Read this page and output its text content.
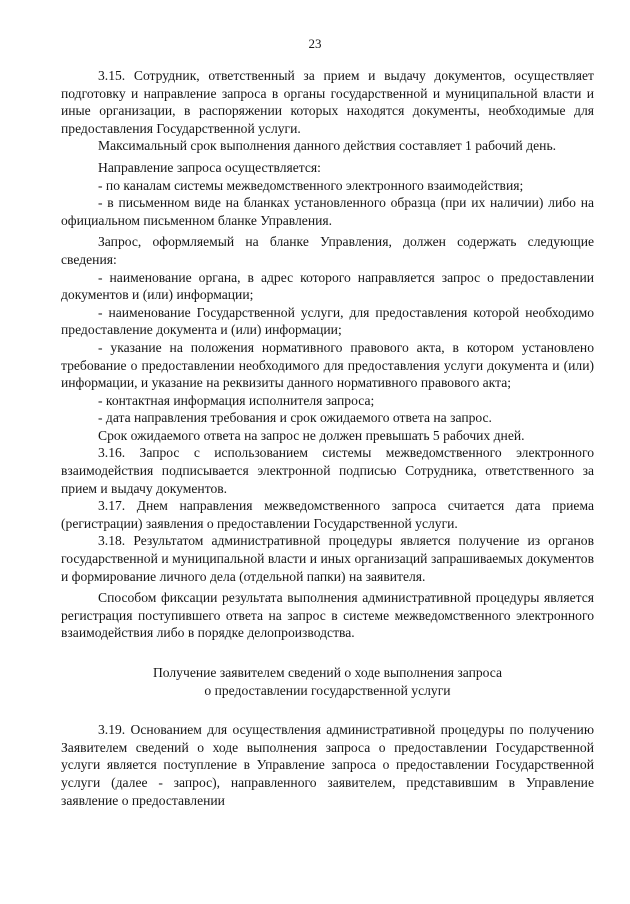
23

3.15. Сотрудник, ответственный за прием и выдачу документов, осуществляет подготовку и направление запроса в органы государственной и муниципальной власти и иные организации, в распоряжении которых находятся документы, необходимые для предоставления Государственной услуги.

Максимальный срок выполнения данного действия составляет 1 рабочий день.

Направление запроса осуществляется:

- по каналам системы межведомственного электронного взаимодействия;

- в письменном виде на бланках установленного образца (при их наличии) либо на официальном письменном бланке Управления.

Запрос, оформляемый на бланке Управления, должен содержать следующие сведения:

- наименование органа, в адрес которого направляется запрос о предоставлении документов и (или) информации;

- наименование Государственной услуги, для предоставления которой необходимо предоставление документа и (или) информации;

- указание на положения нормативного правового акта, в котором установлено требование о предоставлении необходимого для предоставления услуги документа и (или) информации, и указание на реквизиты данного нормативного правового акта;

- контактная информация исполнителя запроса;

- дата направления требования и срок ожидаемого ответа на запрос.

Срок ожидаемого ответа на запрос не должен превышать 5 рабочих дней.

3.16. Запрос с использованием системы межведомственного электронного взаимодействия подписывается электронной подписью Сотрудника, ответственного за прием и выдачу документов.

3.17. Днем направления межведомственного запроса считается дата приема (регистрации) заявления о предоставлении Государственной услуги.

3.18. Результатом административной процедуры является получение из органов государственной и муниципальной власти и иных организаций запрашиваемых документов и формирование личного дела (отдельной папки) на заявителя.

Способом фиксации результата выполнения административной процедуры является регистрация поступившего ответа на запрос в системе межведомственного электронного взаимодействия либо в порядке делопроизводства.

Получение заявителем сведений о ходе выполнения запроса
о предоставлении государственной услуги

3.19. Основанием для осуществления административной процедуры по получению Заявителем сведений о ходе выполнения запроса о предоставлении Государственной услуги является поступление в Управление запроса о предоставлении Государственной услуги (далее - запрос), направленного заявителем, представившим в Управление заявление о предоставлении
